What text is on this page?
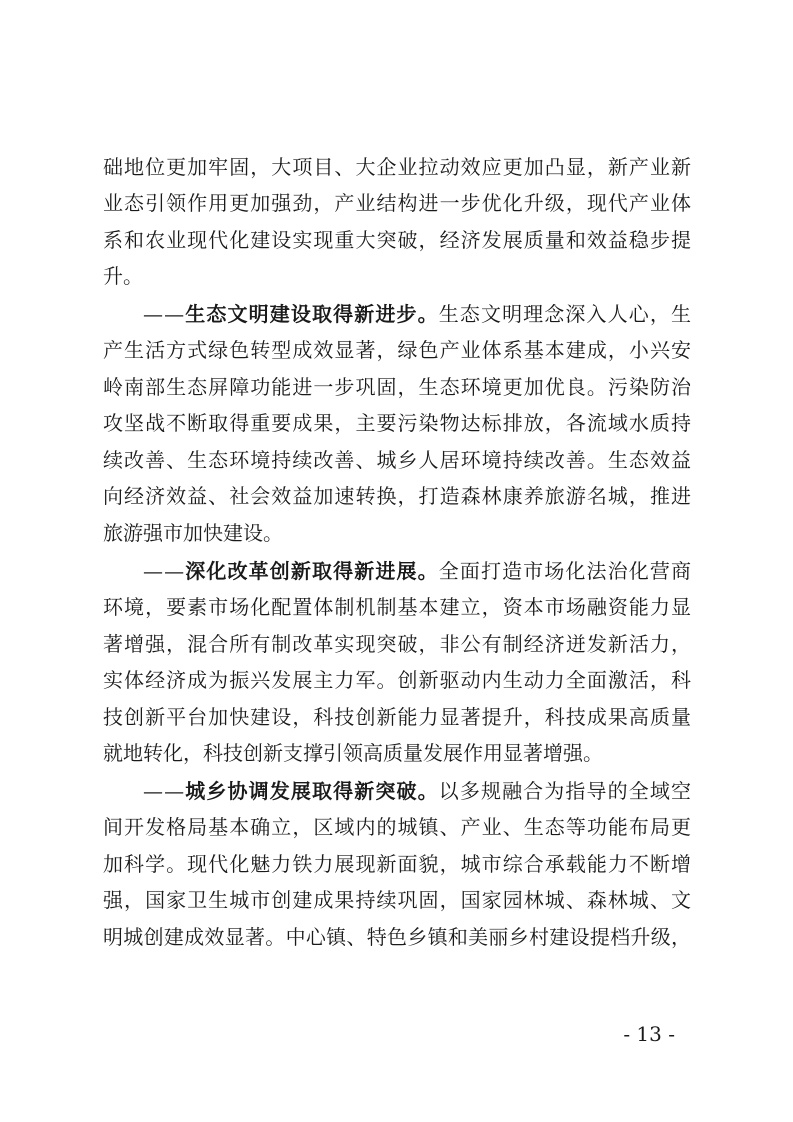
础地位更加牢固，大项目、大企业拉动效应更加凸显，新产业新
业态引领作用更加强劲，产业结构进一步优化升级，现代产业体
系和农业现代化建设实现重大突破，经济发展质量和效益稳步提
升。
——生态文明建设取得新进步。生态文明理念深入人心，生
产生活方式绿色转型成效显著，绿色产业体系基本建成，小兴安
岭南部生态屏障功能进一步巩固，生态环境更加优良。污染防治
攻坚战不断取得重要成果，主要污染物达标排放，各流域水质持
续改善、生态环境持续改善、城乡人居环境持续改善。生态效益
向经济效益、社会效益加速转换，打造森林康养旅游名城，推进
旅游强市加快建设。
——深化改革创新取得新进展。全面打造市场化法治化营商
环境，要素市场化配置体制机制基本建立，资本市场融资能力显
著增强，混合所有制改革实现突破，非公有制经济迸发新活力，
实体经济成为振兴发展主力军。创新驱动内生动力全面激活，科
技创新平台加快建设，科技创新能力显著提升，科技成果高质量
就地转化，科技创新支撑引领高质量发展作用显著增强。
——城乡协调发展取得新突破。以多规融合为指导的全域空
间开发格局基本确立，区域内的城镇、产业、生态等功能布局更
加科学。现代化魅力铁力展现新面貌，城市综合承载能力不断增
强，国家卫生城市创建成果持续巩固，国家园林城、森林城、文
明城创建成效显著。中心镇、特色乡镇和美丽乡村建设提档升级，
- 13 -
